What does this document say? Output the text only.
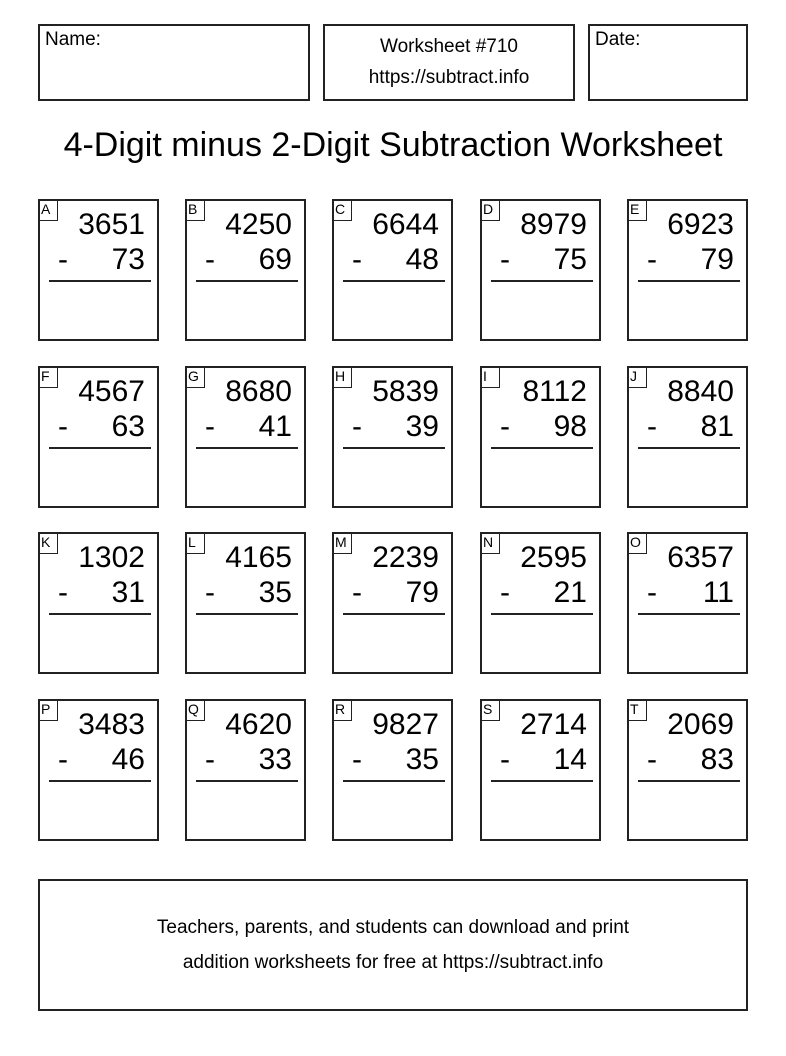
Name:	Worksheet #710
https://subtract.info
Date:
4-Digit minus 2-Digit Subtraction Worksheet
A 3651
- 73
B 4250
- 69
C 6644
- 48
D 8979
- 75
E 6923
- 79
F 4567
- 63
G 8680
- 41
H 5839
- 39
I	8112
- 98
J	8840
- 81
K 1302
- 31
L 4165
- 35
M 2239
- 79
N 2595
- 21
O 6357
- 11
P 3483
- 46
Q 4620
- 33
R 9827
- 35
S 2714
- 14
T 2069
- 83
Teachers, parents, and students can download and print
addition worksheets for free at https://subtract.info
